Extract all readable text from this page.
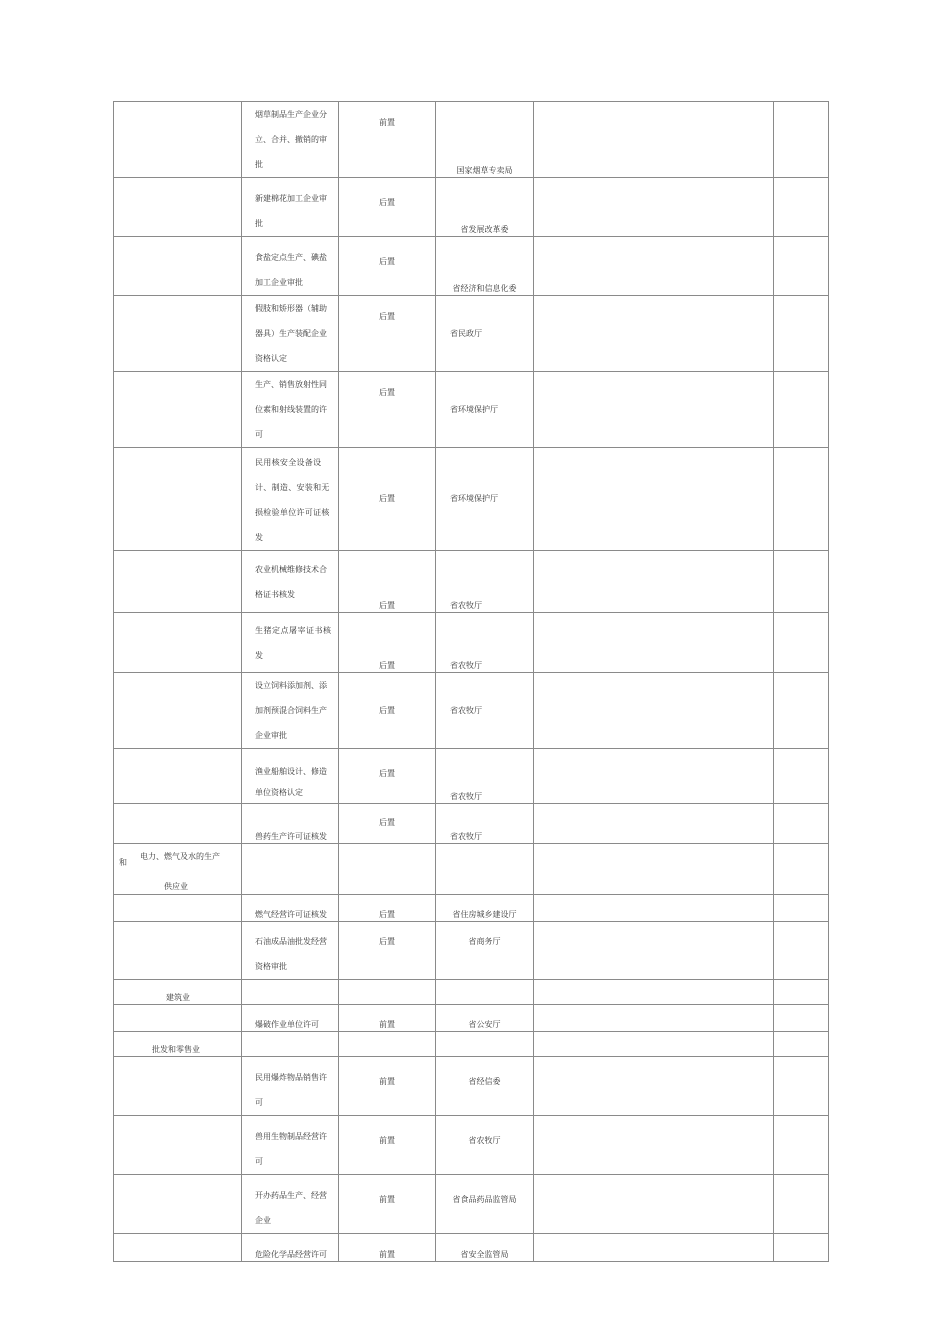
	烟草制品生产企业分立、合并、撤销的审批	前置	国家烟草专卖局		

	新建棉花加工企业审批	后置	省发展改革委		

	食盐定点生产、碘盐加工企业审批	后置	省经济和信息化委		

	假肢和矫形器（辅助器具）生产装配企业资格认定	后置	省民政厅		

	生产、销售放射性同位素和射线装置的许可	后置	省环境保护厅		

	民用核安全设备设计、制造、安装和无损检验单位许可证核发	后置	省环境保护厅		

	农业机械维修技术合格证书核发	后置	省农牧厅		

	生猪定点屠宰证书核发	后置	省农牧厅		

	设立饲料添加剂、添加剂预混合饲料生产企业审批	后置	省农牧厅		

	渔业船舶设计、修造单位资格认定	后置	省农牧厅		

	兽药生产许可证核发	后置	省农牧厅		

电力、燃气及水的生产
和
供应业					

	燃气经营许可证核发	后置	省住房城乡建设厅		

	石油成品油批发经营资格审批	后置	省商务厅		

建筑业					

	爆破作业单位许可	前置	省公安厅		

批发和零售业					

	民用爆炸物品销售许可	前置	省经信委		

	兽用生物制品经营许可	前置	省农牧厅		

	开办药品生产、经营企业	前置	省食品药品监管局		

	危险化学品经营许可	前置	省安全监管局		
